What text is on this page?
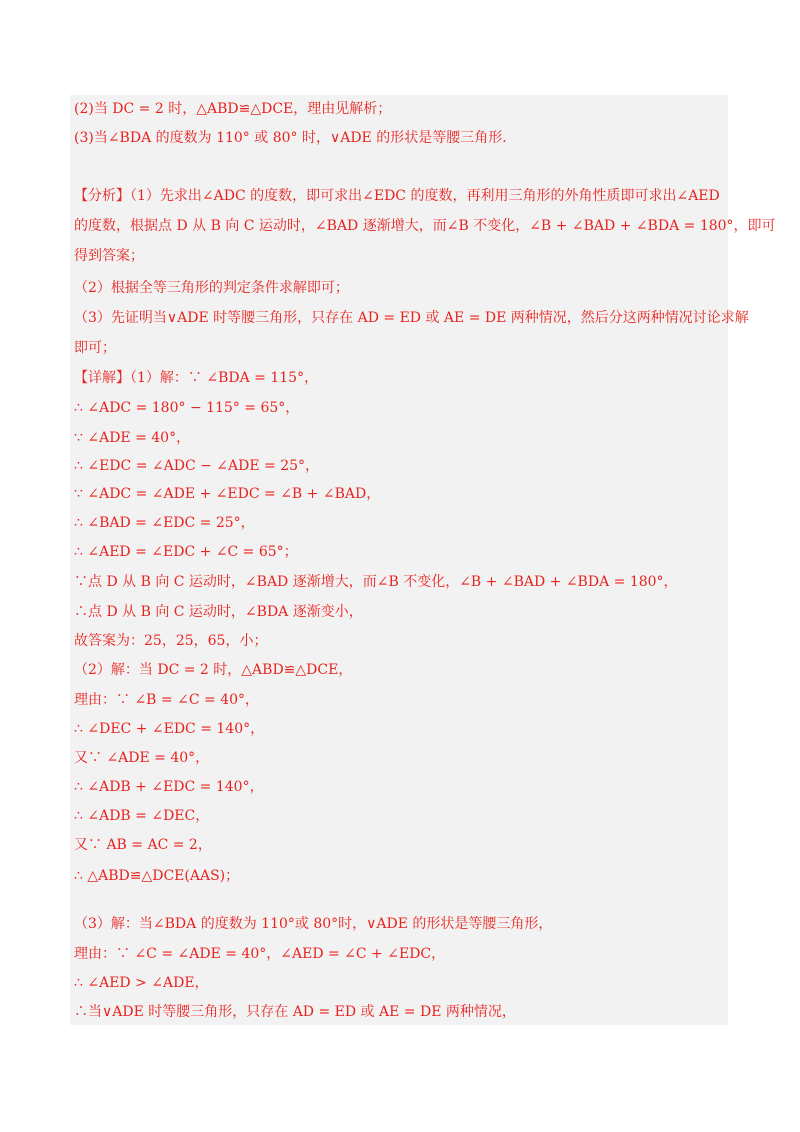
(2)当 DC = 2 时，△ABD≌△DCE，理由见解析；
(3)当∠BDA 的度数为 110° 或 80° 时，∨ADE 的形状是等腰三角形.
【分析】（1）先求出∠ADC 的度数，即可求出∠EDC 的度数，再利用三角形的外角性质即可求出∠AED
的度数，根据点 D 从 B 向 C 运动时，∠BAD 逐渐增大，而∠B 不变化，∠B + ∠BAD + ∠BDA = 180°，即可
得到答案；
（2）根据全等三角形的判定条件求解即可；
（3）先证明当∨ADE 时等腰三角形，只存在 AD = ED 或 AE = DE 两种情况，然后分这两种情况讨论求解
即可；
【详解】（1）解：∵ ∠BDA = 115°，
∴ ∠ADC = 180° − 115° = 65°，
∵ ∠ADE = 40°，
∴ ∠EDC = ∠ADC − ∠ADE = 25°，
∵ ∠ADC = ∠ADE + ∠EDC = ∠B + ∠BAD，
∴ ∠BAD = ∠EDC = 25°，
∴ ∠AED = ∠EDC + ∠C = 65°；
∵点 D 从 B 向 C 运动时，∠BAD 逐渐增大，而∠B 不变化，∠B + ∠BAD + ∠BDA = 180°，
∴点 D 从 B 向 C 运动时，∠BDA 逐渐变小，
故答案为：25，25，65，小；
（2）解：当 DC = 2 时，△ABD≌△DCE，
理由：∵ ∠B = ∠C = 40°，
∴ ∠DEC + ∠EDC = 140°，
又∵ ∠ADE = 40°，
∴ ∠ADB + ∠EDC = 140°，
∴ ∠ADB = ∠DEC，
又∵ AB = AC = 2，
∴ △ABD≌△DCE(AAS)；
（3）解：当∠BDA 的度数为 110°或 80°时，∨ADE 的形状是等腰三角形，
理由：∵ ∠C = ∠ADE = 40°，∠AED = ∠C + ∠EDC，
∴ ∠AED > ∠ADE，
∴当∨ADE 时等腰三角形，只存在 AD = ED 或 AE = DE 两种情况，
